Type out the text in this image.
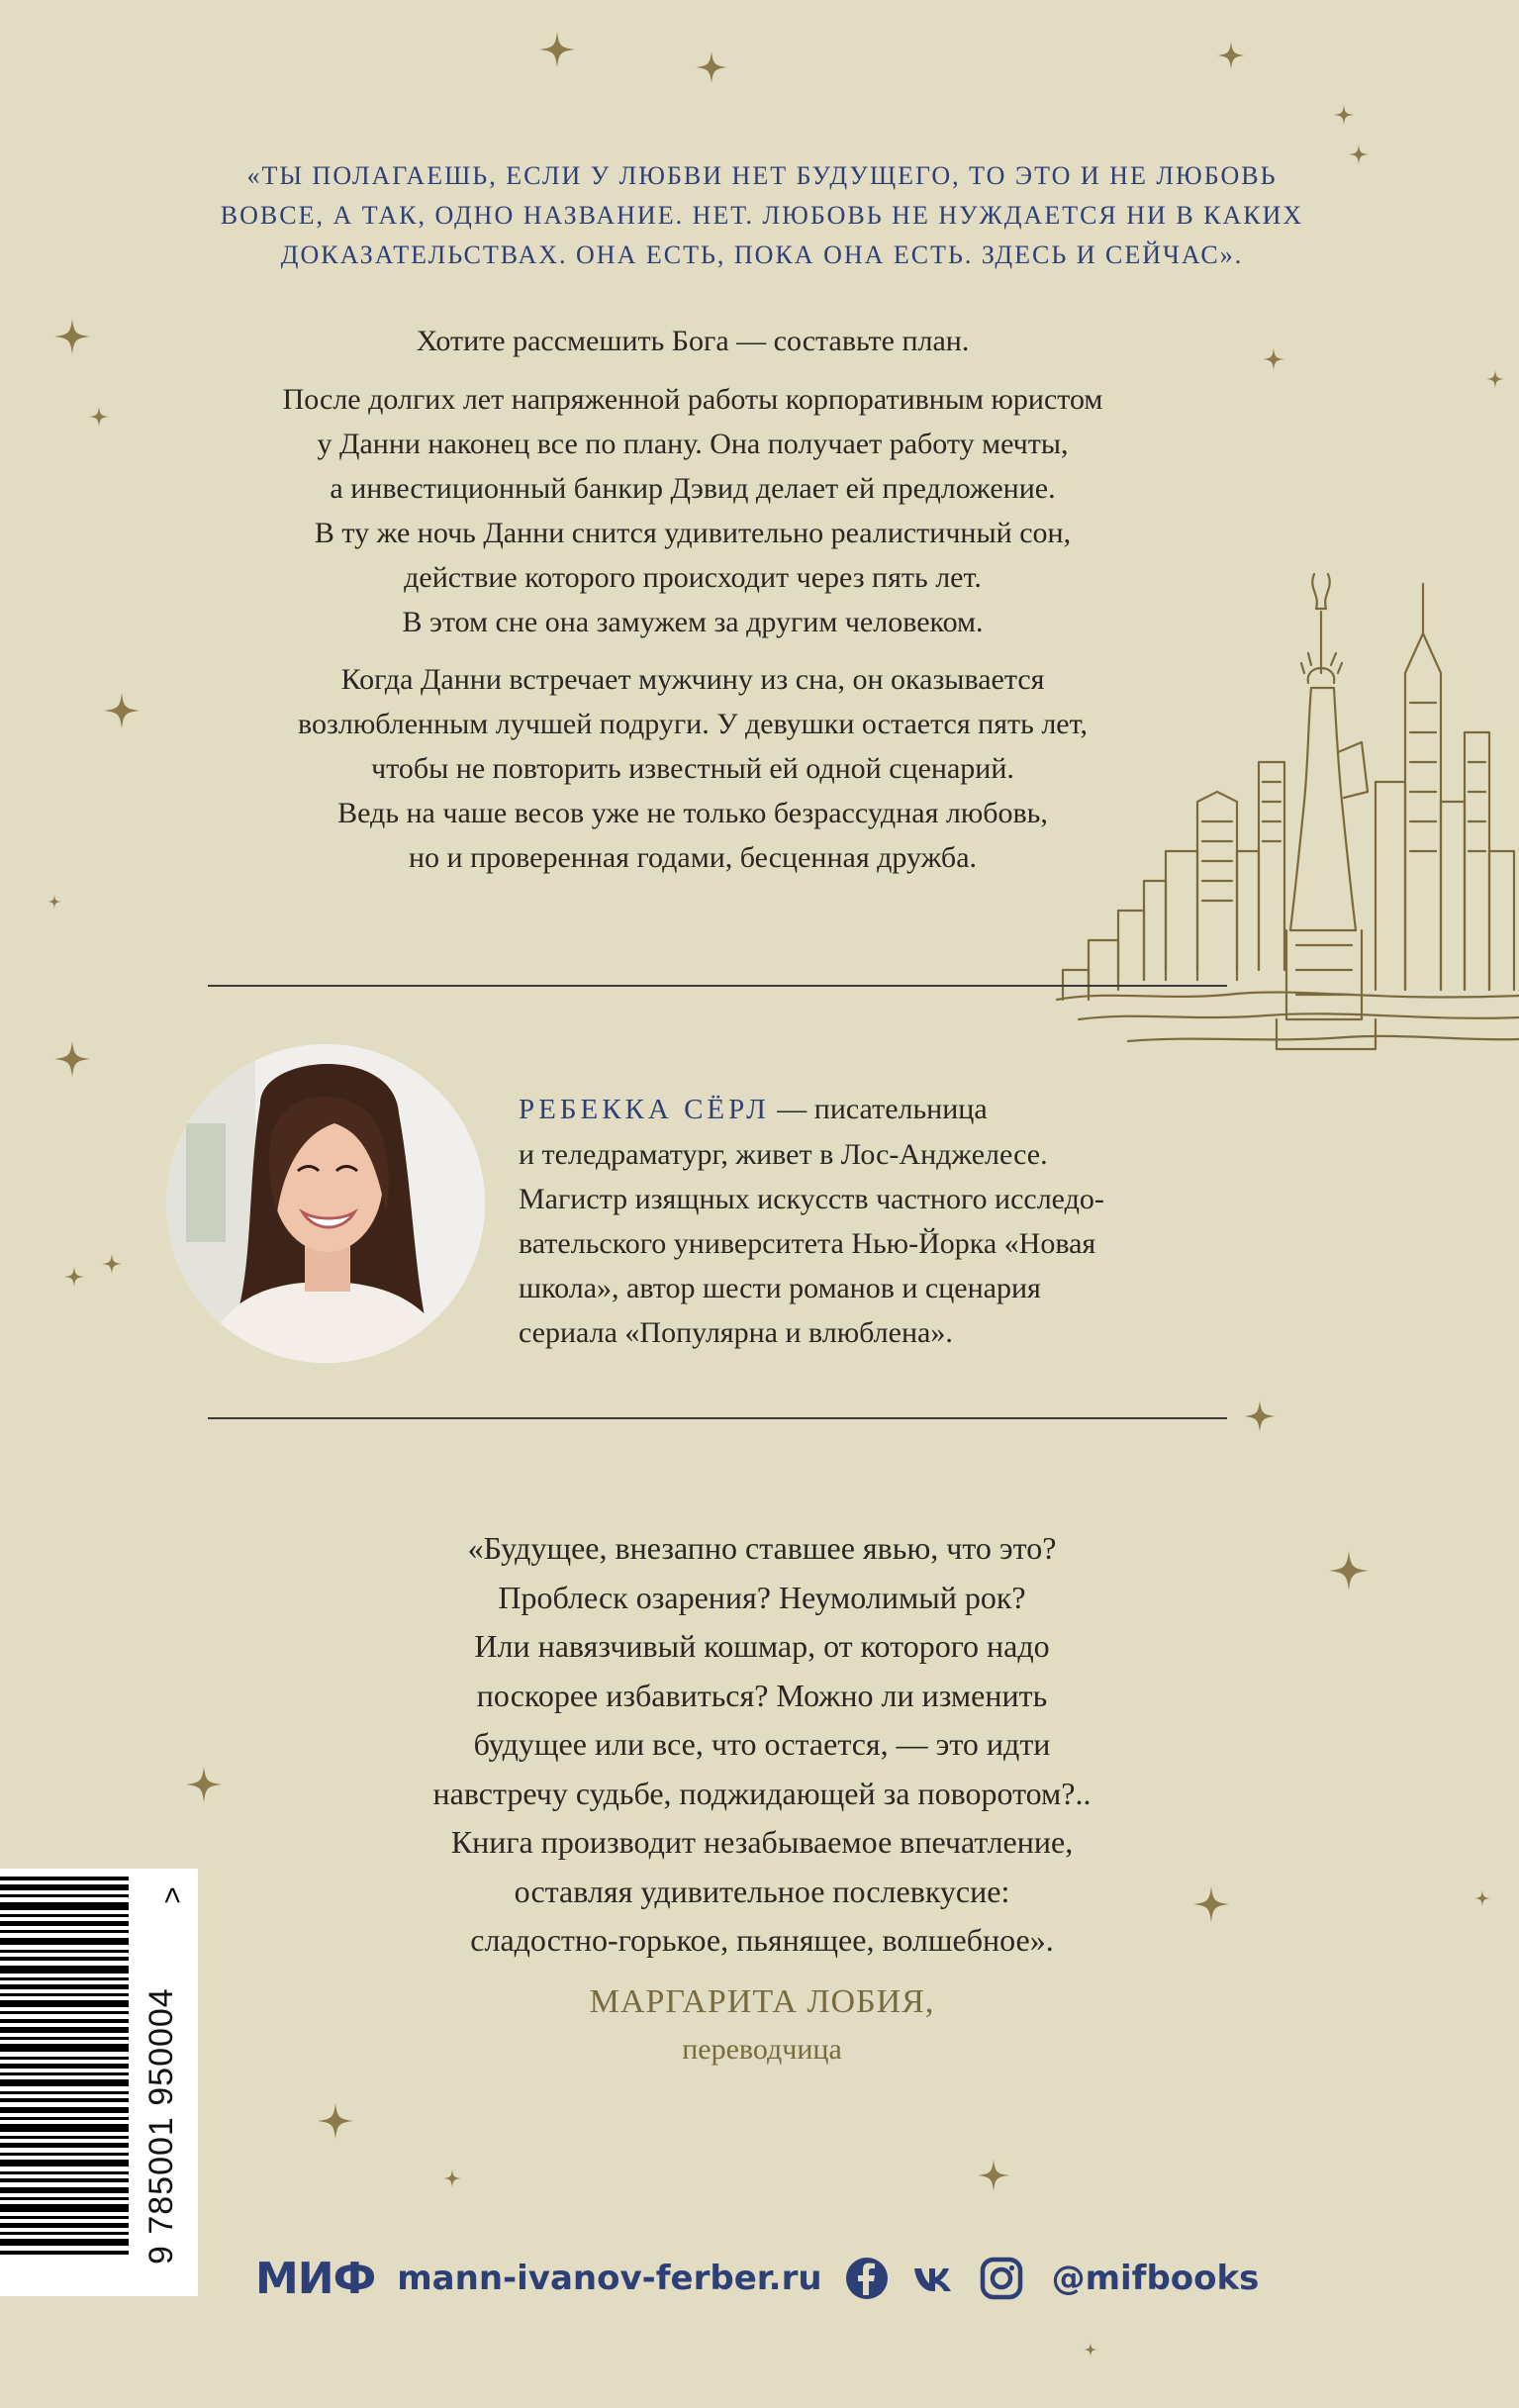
«ТЫ ПОЛАГАЕШЬ, ЕСЛИ У ЛЮБВИ НЕТ БУДУЩЕГО, ТО ЭТО И НЕ ЛЮБОВЬ
ВОВСЕ, А ТАК, ОДНО НАЗВАНИЕ. НЕТ. ЛЮБОВЬ НЕ НУЖДАЕТСЯ НИ В КАКИХ
ДОКАЗАТЕЛЬСТВАХ. ОНА ЕСТЬ, ПОКА ОНА ЕСТЬ. ЗДЕСЬ И СЕЙЧАС».
Хотите рассмешить Бога — составьте план.
После долгих лет напряженной работы корпоративным юристом
у Данни наконец все по плану. Она получает работу мечты,
а инвестиционный банкир Дэвид делает ей предложение.
В ту же ночь Данни снится удивительно реалистичный сон,
действие которого происходит через пять лет.
В этом сне она замужем за другим человеком.
Когда Данни встречает мужчину из сна, он оказывается
возлюбленным лучшей подруги. У девушки остается пять лет,
чтобы не повторить известный ей одной сценарий.
Ведь на чаше весов уже не только безрассудная любовь,
но и проверенная годами, бесценная дружба.
РЕБЕККА СЁРЛ — писательница
и теледраматург, живет в Лос-Анджелесе.
Магистр изящных искусств частного исследо-
вательского университета Нью-Йорка «Новая
школа», автор шести романов и сценария
сериала «Популярна и влюблена».
«Будущее, внезапно ставшее явью, что это?
Проблеск озарения? Неумолимый рок?
Или навязчивый кошмар, от которого надо
поскорее избавиться? Можно ли изменить
будущее или все, что остается, — это идти
навстречу судьбе, поджидающей за поворотом?..
Книга производит незабываемое впечатление,
оставляя удивительное послевкусие:
сладостно-горькое, пьянящее, волшебное».
МАРГАРИТА ЛОБИЯ,
переводчица
9 785001 950004
>
МИФ mann-ivanov-ferber.ru	@mifbooks
